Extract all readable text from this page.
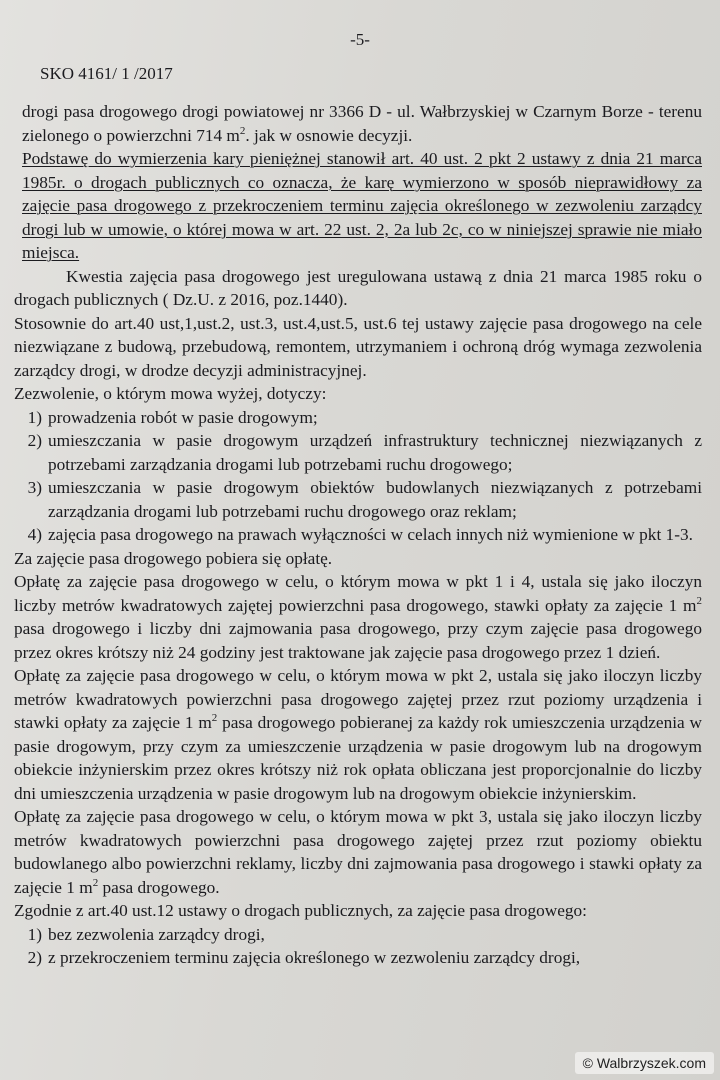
-5-
SKO 4161/ 1 /2017

drogi pasa drogowego drogi powiatowej nr 3366 D - ul. Wałbrzyskiej w Czarnym Borze - terenu zielonego o powierzchni 714 $m^2$. jak w osnowie decyzji.

Podstawę do wymierzenia kary pieniężnej stanowił art. 40 ust. 2 pkt 2 ustawy z dnia 21 marca 1985r. o drogach publicznych co oznacza, że karę wymierzono w sposób nieprawidłowy za zajęcie pasa drogowego z przekroczeniem terminu zajęcia określonego w zezwoleniu zarządcy drogi lub w umowie, o której mowa w art. 22 ust. 2, 2a lub 2c, co w niniejszej sprawie nie miało miejsca.

Kwestia zajęcia pasa drogowego jest uregulowana ustawą z dnia 21 marca 1985 roku o drogach publicznych ( Dz.U. z 2016, poz.1440).

Stosownie do art.40 ust,1,ust.2, ust.3, ust.4,ust.5, ust.6 tej ustawy zajęcie pasa drogowego na cele niezwiązane z budową, przebudową, remontem, utrzymaniem i ochroną dróg wymaga zezwolenia zarządcy drogi, w drodze decyzji administracyjnej.

Zezwolenie, o którym mowa wyżej, dotyczy:

1) prowadzenia robót w pasie drogowym;
2) umieszczania w pasie drogowym urządzeń infrastruktury technicznej niezwiązanych z potrzebami zarządzania drogami lub potrzebami ruchu drogowego;
3) umieszczania w pasie drogowym obiektów budowlanych niezwiązanych z potrzebami zarządzania drogami lub potrzebami ruchu drogowego oraz reklam;
4) zajęcia pasa drogowego na prawach wyłączności w celach innych niż wymienione w pkt 1-3.

Za zajęcie pasa drogowego pobiera się opłatę.

Opłatę za zajęcie pasa drogowego w celu, o którym mowa w pkt 1 i 4, ustala się jako iloczyn liczby metrów kwadratowych zajętej powierzchni pasa drogowego, stawki opłaty za zajęcie 1 $m^2$ pasa drogowego i liczby dni zajmowania pasa drogowego, przy czym zajęcie pasa drogowego przez okres krótszy niż 24 godziny jest traktowane jak zajęcie pasa drogowego przez 1 dzień.

Opłatę za zajęcie pasa drogowego w celu, o którym mowa w pkt 2, ustala się jako iloczyn liczby metrów kwadratowych powierzchni pasa drogowego zajętej przez rzut poziomy urządzenia i stawki opłaty za zajęcie 1 $m^2$ pasa drogowego pobieranej za każdy rok umieszczenia urządzenia w pasie drogowym, przy czym za umieszczenie urządzenia w pasie drogowym lub na drogowym obiekcie inżynierskim przez okres krótszy niż rok opłata obliczana jest proporcjonalnie do liczby dni umieszczenia urządzenia w pasie drogowym lub na drogowym obiekcie inżynierskim.

Opłatę za zajęcie pasa drogowego w celu, o którym mowa w pkt 3, ustala się jako iloczyn liczby metrów kwadratowych powierzchni pasa drogowego zajętej przez rzut poziomy obiektu budowlanego albo powierzchni reklamy, liczby dni zajmowania pasa drogowego i stawki opłaty za zajęcie 1 $m^2$ pasa drogowego.

Zgodnie z art.40 ust.12 ustawy o drogach publicznych, za zajęcie pasa drogowego:

1) bez zezwolenia zarządcy drogi,
2) z przekroczeniem terminu zajęcia określonego w zezwoleniu zarządcy drogi,
© Walbrzyszek.com
